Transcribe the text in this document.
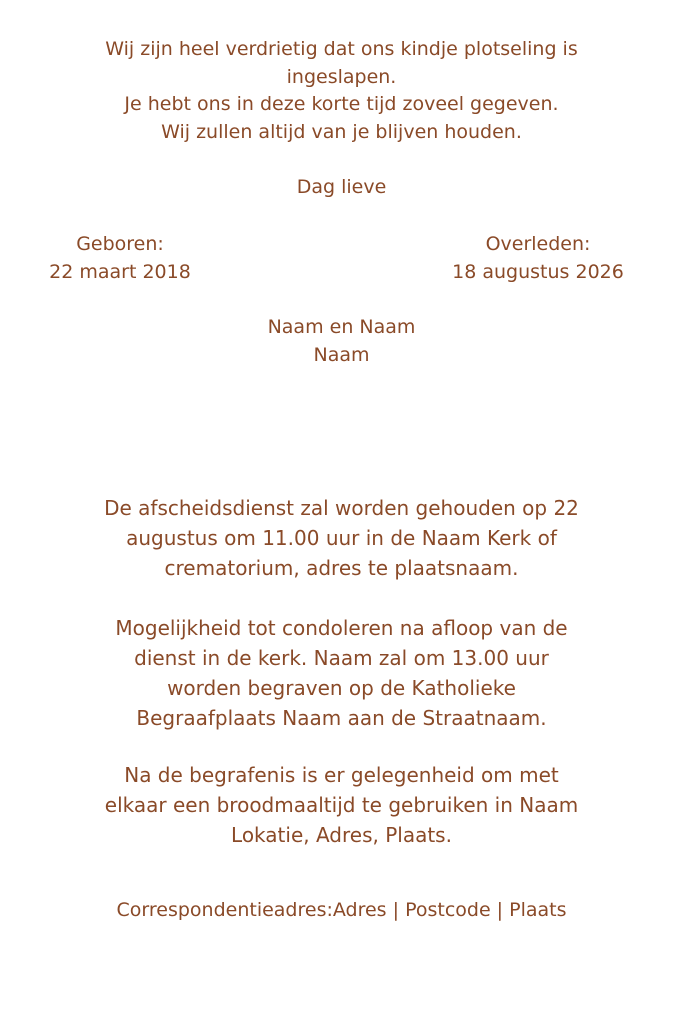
Wij zijn heel verdrietig dat ons kindje plotseling is
ingeslapen.
Je hebt ons in deze korte tijd zoveel gegeven.
Wij zullen altijd van je blijven houden.
Dag lieve
Geboren:
22 maart 2018
Overleden:
18 augustus 2026
Naam en Naam
Naam
De afscheidsdienst zal worden gehouden op 22
augustus om 11.00 uur in de Naam Kerk of
crematorium, adres te plaatsnaam.
Mogelijkheid tot condoleren na afloop van de
dienst in de kerk. Naam zal om 13.00 uur
worden begraven op de Katholieke
Begraafplaats Naam aan de Straatnaam.
Na de begrafenis is er gelegenheid om met
elkaar een broodmaaltijd te gebruiken in Naam
Lokatie, Adres, Plaats.
Correspondentieadres:Adres | Postcode | Plaats
